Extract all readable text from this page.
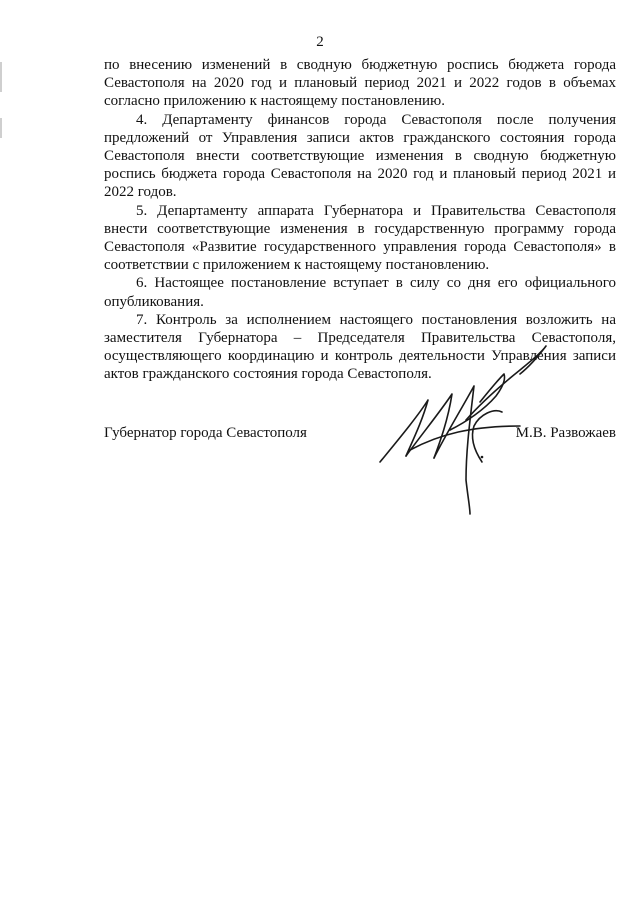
2

по внесению изменений в сводную бюджетную роспись бюджета города Севастополя на 2020 год и плановый период 2021 и 2022 годов в объемах согласно приложению к настоящему постановлению.

4. Департаменту финансов города Севастополя после получения предложений от Управления записи актов гражданского состояния города Севастополя внести соответствующие изменения в сводную бюджетную роспись бюджета города Севастополя на 2020 год и плановый период 2021 и 2022 годов.

5. Департаменту аппарата Губернатора и Правительства Севастополя внести соответствующие изменения в государственную программу города Севастополя «Развитие государственного управления города Севастополя» в соответствии с приложением к настоящему постановлению.

6. Настоящее постановление вступает в силу со дня его официального опубликования.

7. Контроль за исполнением настоящего постановления возложить на заместителя Губернатора – Председателя Правительства Севастополя, осуществляющего координацию и контроль деятельности Управления записи актов гражданского состояния города Севастополя.

Губернатор города Севастополя	М.В. Развожаев
